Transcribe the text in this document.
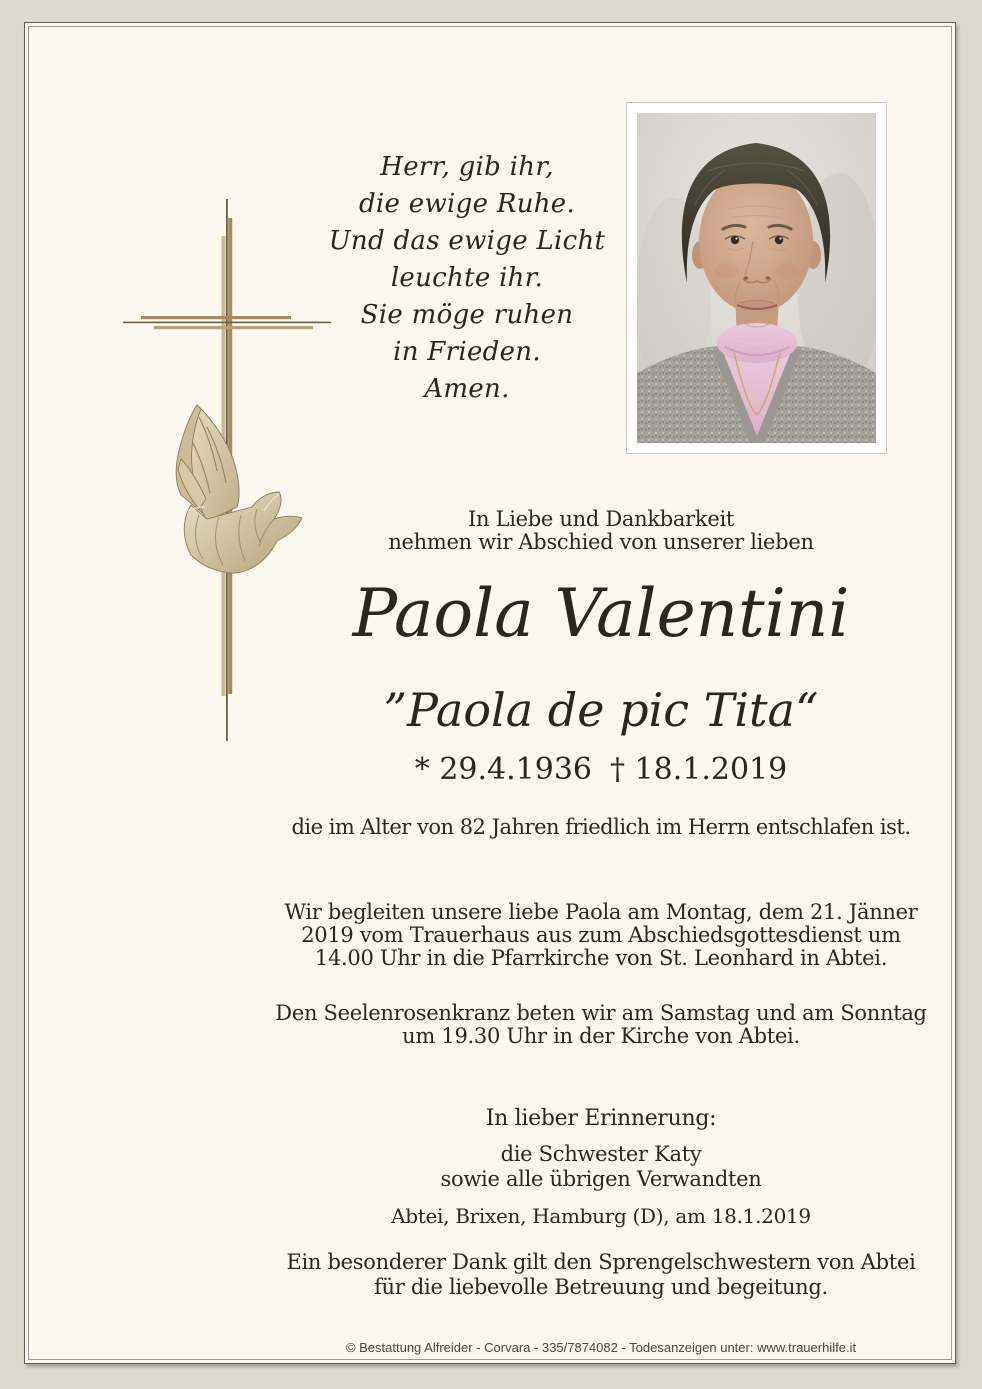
Herr, gib ihr,
die ewige Ruhe.
Und das ewige Licht
leuchte ihr.
Sie möge ruhen
in Frieden.
Amen.
In Liebe und Dankbarkeit
nehmen wir Abschied von unserer lieben
Paola Valentini
”Paola de pic Tita“
* 29.4.1936 † 18.1.2019
die im Alter von 82 Jahren friedlich im Herrn entschlafen ist.
Wir begleiten unsere liebe Paola am Montag, dem 21. Jänner
2019 vom Trauerhaus aus zum Abschiedsgottesdienst um
14.00 Uhr in die Pfarrkirche von St. Leonhard in Abtei.
Den Seelenrosenkranz beten wir am Samstag und am Sonntag
um 19.30 Uhr in der Kirche von Abtei.
In lieber Erinnerung:
die Schwester Katy
sowie alle übrigen Verwandten
Abtei, Brixen, Hamburg (D), am 18.1.2019
Ein besonderer Dank gilt den Sprengelschwestern von Abtei
für die liebevolle Betreuung und begeitung.
© Bestattung Alfreider - Corvara - 335/7874082 - Todesanzeigen unter: www.trauerhilfe.it
